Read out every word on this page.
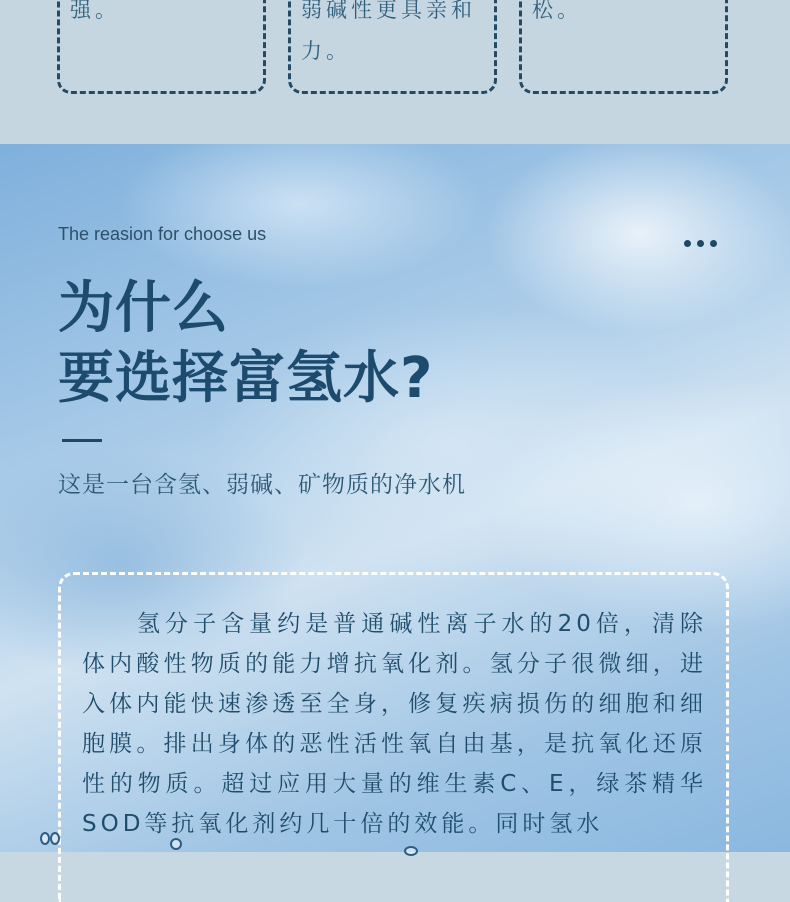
强。	弱碱性更具亲和

力。

松。

The reasion for choose us
为什么
要选择富氢水?
这是一台含氢、弱碱、矿物质的净水机

氢分子含量约是普通碱性离子水的20倍，清除体内酸性物质的能力增抗氧化剂。氢分子很微细，进入体内能快速渗透至全身，修复疾病损伤的细胞和细胞膜。排出身体的恶性活性氧自由基，是抗氧化还原性的物质。超过应用大量的维生素C、E，绿茶精华SOD等抗氧化剂约几十倍的效能。同时氢水
